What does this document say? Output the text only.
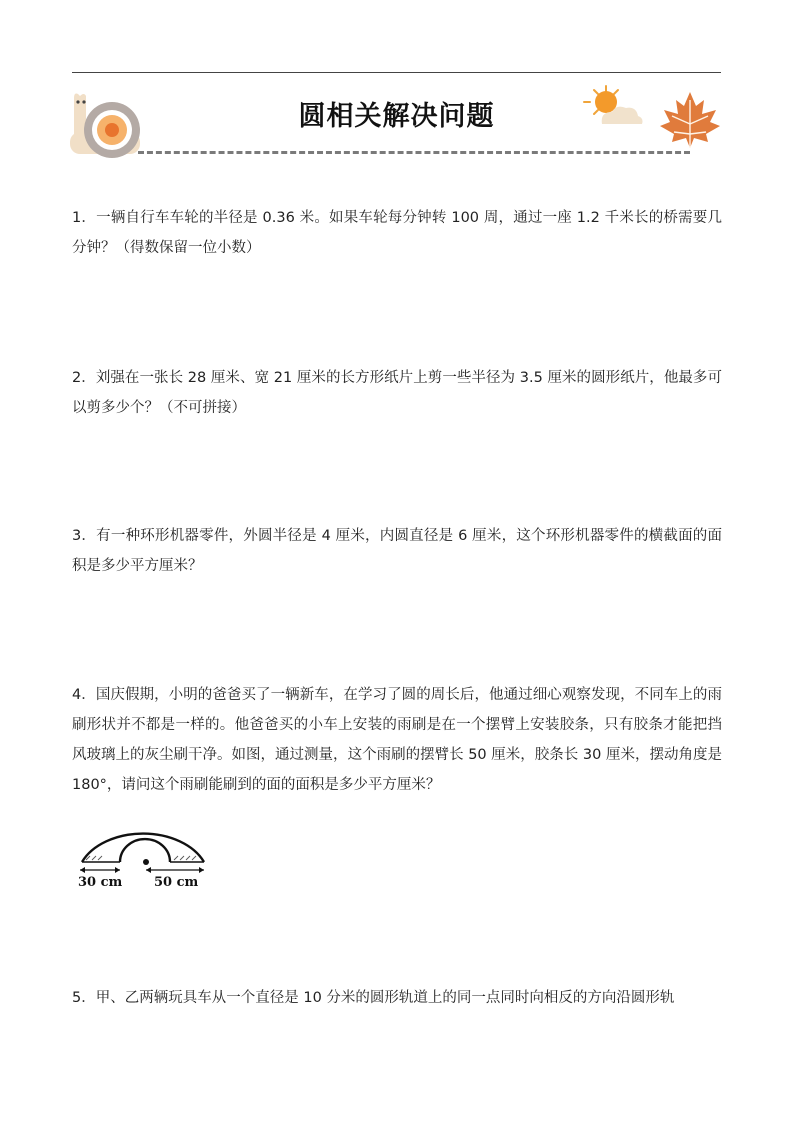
圆相关解决问题
1．一辆自行车车轮的半径是 0.36 米。如果车轮每分钟转 100 周，通过一座 1.2 千米长的桥需要几分钟？（得数保留一位小数）
2．刘强在一张长 28 厘米、宽 21 厘米的长方形纸片上剪一些半径为 3.5 厘米的圆形纸片，他最多可以剪多少个？（不可拼接）
3．有一种环形机器零件，外圆半径是 4 厘米，内圆直径是 6 厘米，这个环形机器零件的横截面的面积是多少平方厘米？
4．国庆假期，小明的爸爸买了一辆新车，在学习了圆的周长后，他通过细心观察发现，不同车上的雨刷形状并不都是一样的。他爸爸买的小车上安装的雨刷是在一个摆臂上安装胶条，只有胶条才能把挡风玻璃上的灰尘刷干净。如图，通过测量，这个雨刷的摆臂长 50 厘米，胶条长 30 厘米，摆动角度是 180°，请问这个雨刷能刷到的面的面积是多少平方厘米？
30 cm 50 cm
5．甲、乙两辆玩具车从一个直径是 10 分米的圆形轨道上的同一点同时向相反的方向沿圆形轨
